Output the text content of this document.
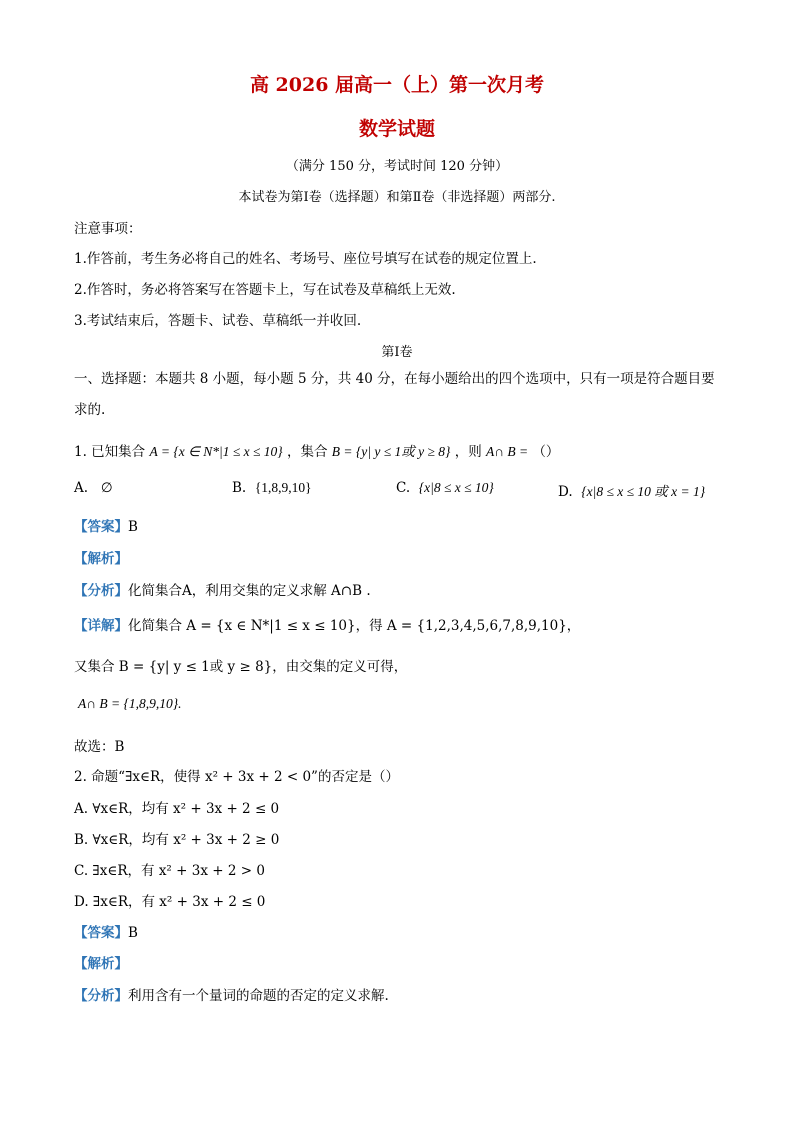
高 2026 届高一（上）第一次月考
数学试题
（满分 150 分，考试时间 120 分钟）
本试卷为第Ⅰ卷（选择题）和第Ⅱ卷（非选择题）两部分.
注意事项：
1.作答前，考生务必将自己的姓名、考场号、座位号填写在试卷的规定位置上.
2.作答时，务必将答案写在答题卡上，写在试卷及草稿纸上无效.
3.考试结束后，答题卡、试卷、草稿纸一并收回.
第Ⅰ卷
一、选择题：本题共 8 小题，每小题 5 分，共 40 分，在每小题给出的四个选项中，只有一项是符合题目要求的.
1. 已知集合 A = {x ∈ N*|1 ≤ x ≤ 10} ，集合 B = {y| y ≤ 1或 y ≥ 8} ，则 A∩ B = （）
A. ∅	B. {1,8,9,10}	C. {x|8 ≤ x ≤ 10}	D. {x|8 ≤ x ≤ 10 或 x = 1}
【答案】B
【解析】
【分析】化简集合A，利用交集的定义求解 A∩B .
【详解】化简集合 A = {x ∈ N*|1 ≤ x ≤ 10}，得 A = {1,2,3,4,5,6,7,8,9,10}，
又集合 B = {y| y ≤ 1或 y ≥ 8}，由交集的定义可得，
A∩ B = {1,8,9,10}.
故选：B
2. 命题“∃x∈R，使得 x² + 3x + 2 < 0”的否定是（）
A. ∀x∈R，均有 x² + 3x + 2 ≤ 0
B. ∀x∈R，均有 x² + 3x + 2 ≥ 0
C. ∃x∈R，有 x² + 3x + 2 > 0
D. ∃x∈R，有 x² + 3x + 2 ≤ 0
【答案】B
【解析】
【分析】利用含有一个量词的命题的否定的定义求解.
